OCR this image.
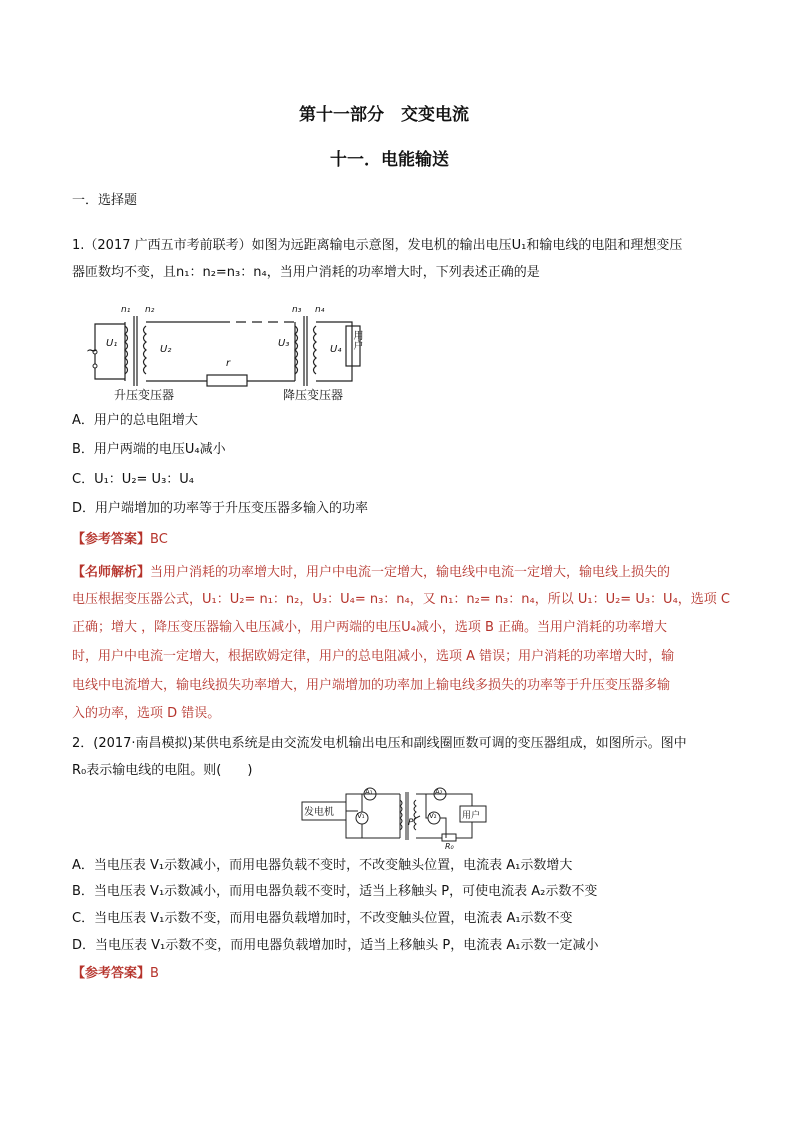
第十一部分　交变电流
十一．电能输送
一．选择题
1.（2017 广西五市考前联考）如图为远距离输电示意图，发电机的输出电压U₁和输电线的电阻和理想变压
器匝数均不变，且n₁：n₂=n₃：n₄，当用户消耗的功率增大时，下列表述正确的是
~
n₁ n₂	n₃ n₄
U₁
U₂
U₃
U₄
r
用户
升压变压器	降压变压器
A．用户的总电阻增大
B．用户两端的电压U₄减小
C．U₁：U₂= U₃：U₄
D．用户端增加的功率等于升压变压器多输入的功率
【参考答案】BC
【名师解析】当用户消耗的功率增大时，用户中电流一定增大，输电线中电流一定增大，输电线上损失的
电压根据变压器公式，U₁：U₂= n₁：n₂，U₃：U₄= n₃：n₄，又 n₁：n₂= n₃：n₄，所以 U₁：U₂= U₃：U₄，选项 C
正确；增大 ，降压变压器输入电压减小，用户两端的电压U₄减小，选项 B 正确。当用户消耗的功率增大
时，用户中电流一定增大，根据欧姆定律，用户的总电阻减小，选项 A 错误；用户消耗的功率增大时，输
电线中电流增大，输电线损失功率增大，用户端增加的功率加上输电线多损失的功率等于升压变压器多输
入的功率，选项 D 错误。
2．(2017·南昌模拟)某供电系统是由交流发电机输出电压和副线圈匝数可调的变压器组成，如图所示。图中
R₀表示输电线的电阻。则(　　)
发电机
A₁
V₁
A₂
V₂
P
用户
R₀
A．当电压表 V₁示数减小，而用电器负载不变时，不改变触头位置，电流表 A₁示数增大
B．当电压表 V₁示数减小，而用电器负载不变时，适当上移触头 P，可使电流表 A₂示数不变
C．当电压表 V₁示数不变，而用电器负载增加时，不改变触头位置，电流表 A₁示数不变
D．当电压表 V₁示数不变，而用电器负载增加时，适当上移触头 P，电流表 A₁示数一定减小
【参考答案】B
